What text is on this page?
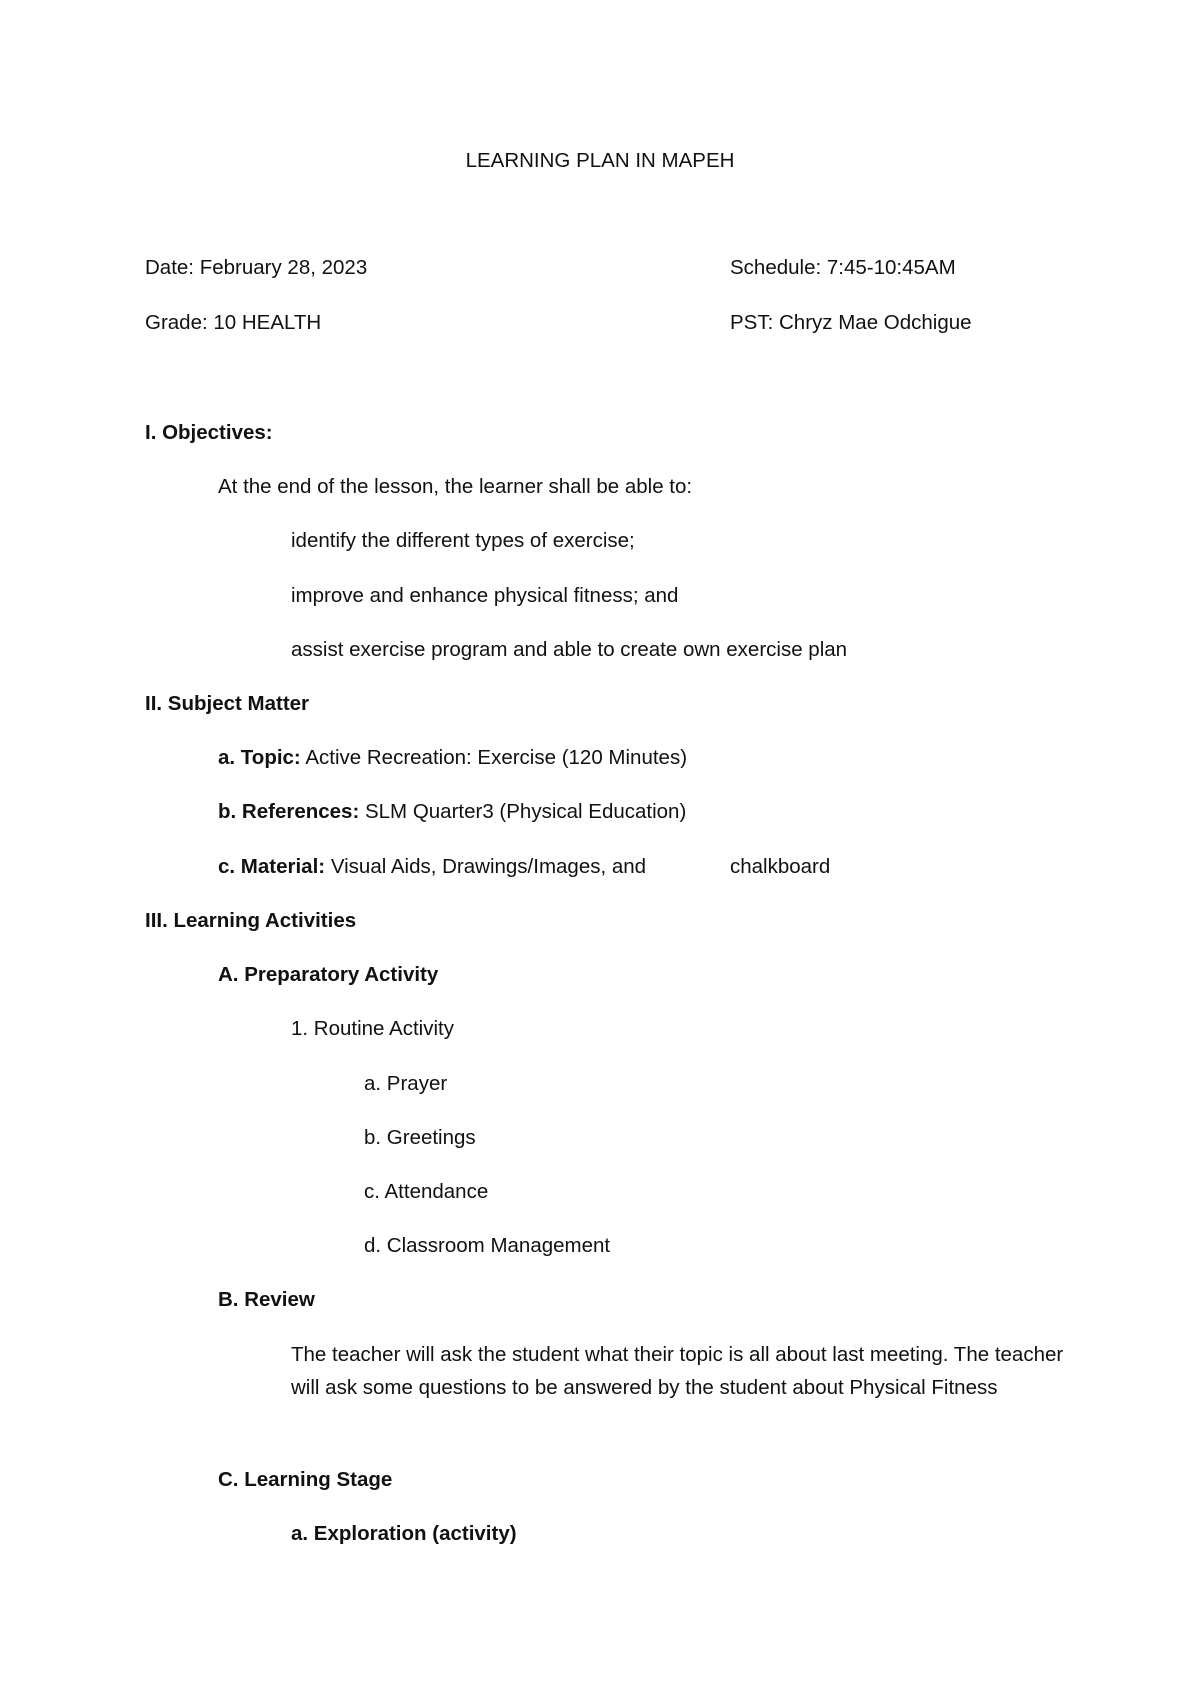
LEARNING PLAN IN MAPEH
Date: February 28, 2023	Schedule: 7:45-10:45AM
Grade: 10 HEALTH	PST: Chryz Mae Odchigue
I. Objectives:
At the end of the lesson, the learner shall be able to:
identify the different types of exercise;
improve and enhance physical fitness; and
assist exercise program and able to create own exercise plan
II. Subject Matter
a. Topic: Active Recreation: Exercise (120 Minutes)
b. References: SLM Quarter3 (Physical Education)
c. Material: Visual Aids, Drawings/Images, and	chalkboard
III. Learning Activities
A. Preparatory Activity
1. Routine Activity
a. Prayer
b. Greetings
c. Attendance
d. Classroom Management
B. Review
The teacher will ask the student what their topic is all about last meeting. The teacher will ask some questions to be answered by the student about Physical Fitness
C. Learning Stage
a. Exploration (activity)
